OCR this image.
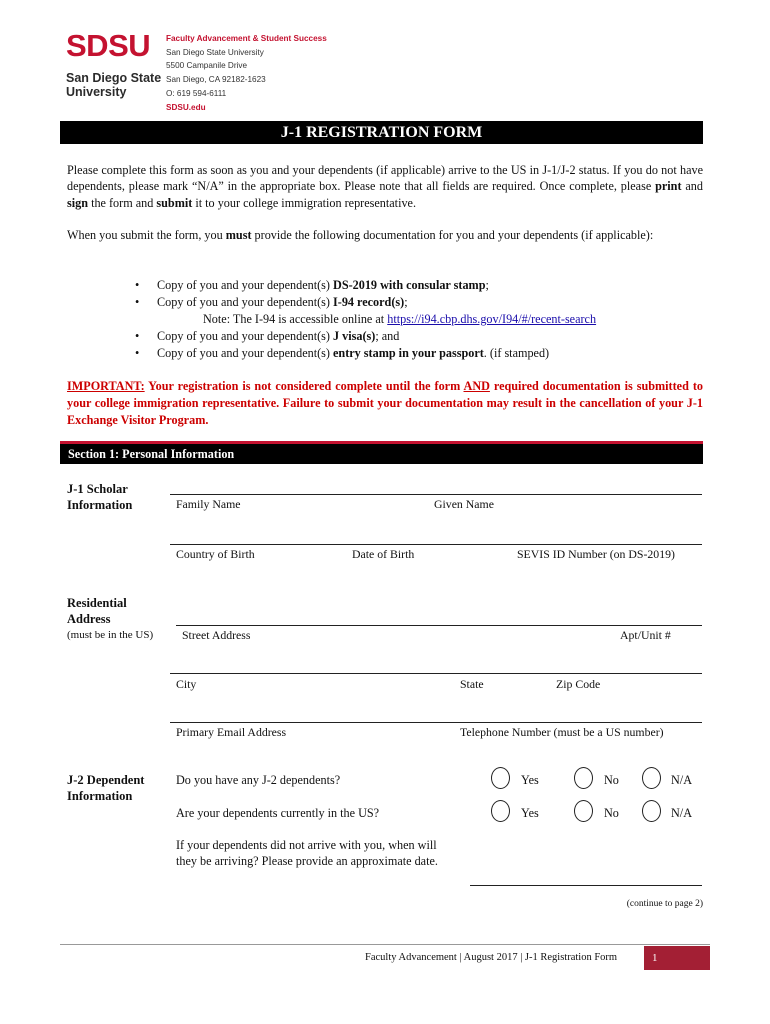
SDSU
San Diego State University
Faculty Advancement & Student Success
San Diego State University
5500 Campanile Drive
San Diego, CA 92182-1623
O: 619 594-6111
SDSU.edu
J-1 REGISTRATION FORM
Please complete this form as soon as you and your dependents (if applicable) arrive to the US in J-1/J-2 status. If you do not have dependents, please mark “N/A” in the appropriate box. Please note that all fields are required. Once complete, please print and sign the form and submit it to your college immigration representative.
When you submit the form, you must provide the following documentation for you and your dependents (if applicable):
• Copy of you and your dependent(s) DS-2019 with consular stamp;
• Copy of you and your dependent(s) I-94 record(s);
Note: The I-94 is accessible online at https://i94.cbp.dhs.gov/I94/#/recent-search
• Copy of you and your dependent(s) J visa(s); and
• Copy of you and your dependent(s) entry stamp in your passport. (if stamped)
IMPORTANT: Your registration is not considered complete until the form AND required documentation is submitted to your college immigration representative. Failure to submit your documentation may result in the cancellation of your J-1 Exchange Visitor Program.
Section 1: Personal Information
J-1 Scholar
Information	Family Name	Given Name
Country of Birth	Date of Birth	SEVIS ID Number (on DS-2019)
Residential
Address
(must be in the US) Street Address	Apt/Unit #
City	State	Zip Code
Primary Email Address	Telephone Number (must be a US number)
J-2 Dependent
Information
Do you have any J-2 dependents?	Yes	No	N/A
Are your dependents currently in the US?	Yes	No	N/A
If your dependents did not arrive with you, when will they be arriving? Please provide an approximate date.
(continue to page 2)
Faculty Advancement | August 2017 | J-1 Registration Form	1
